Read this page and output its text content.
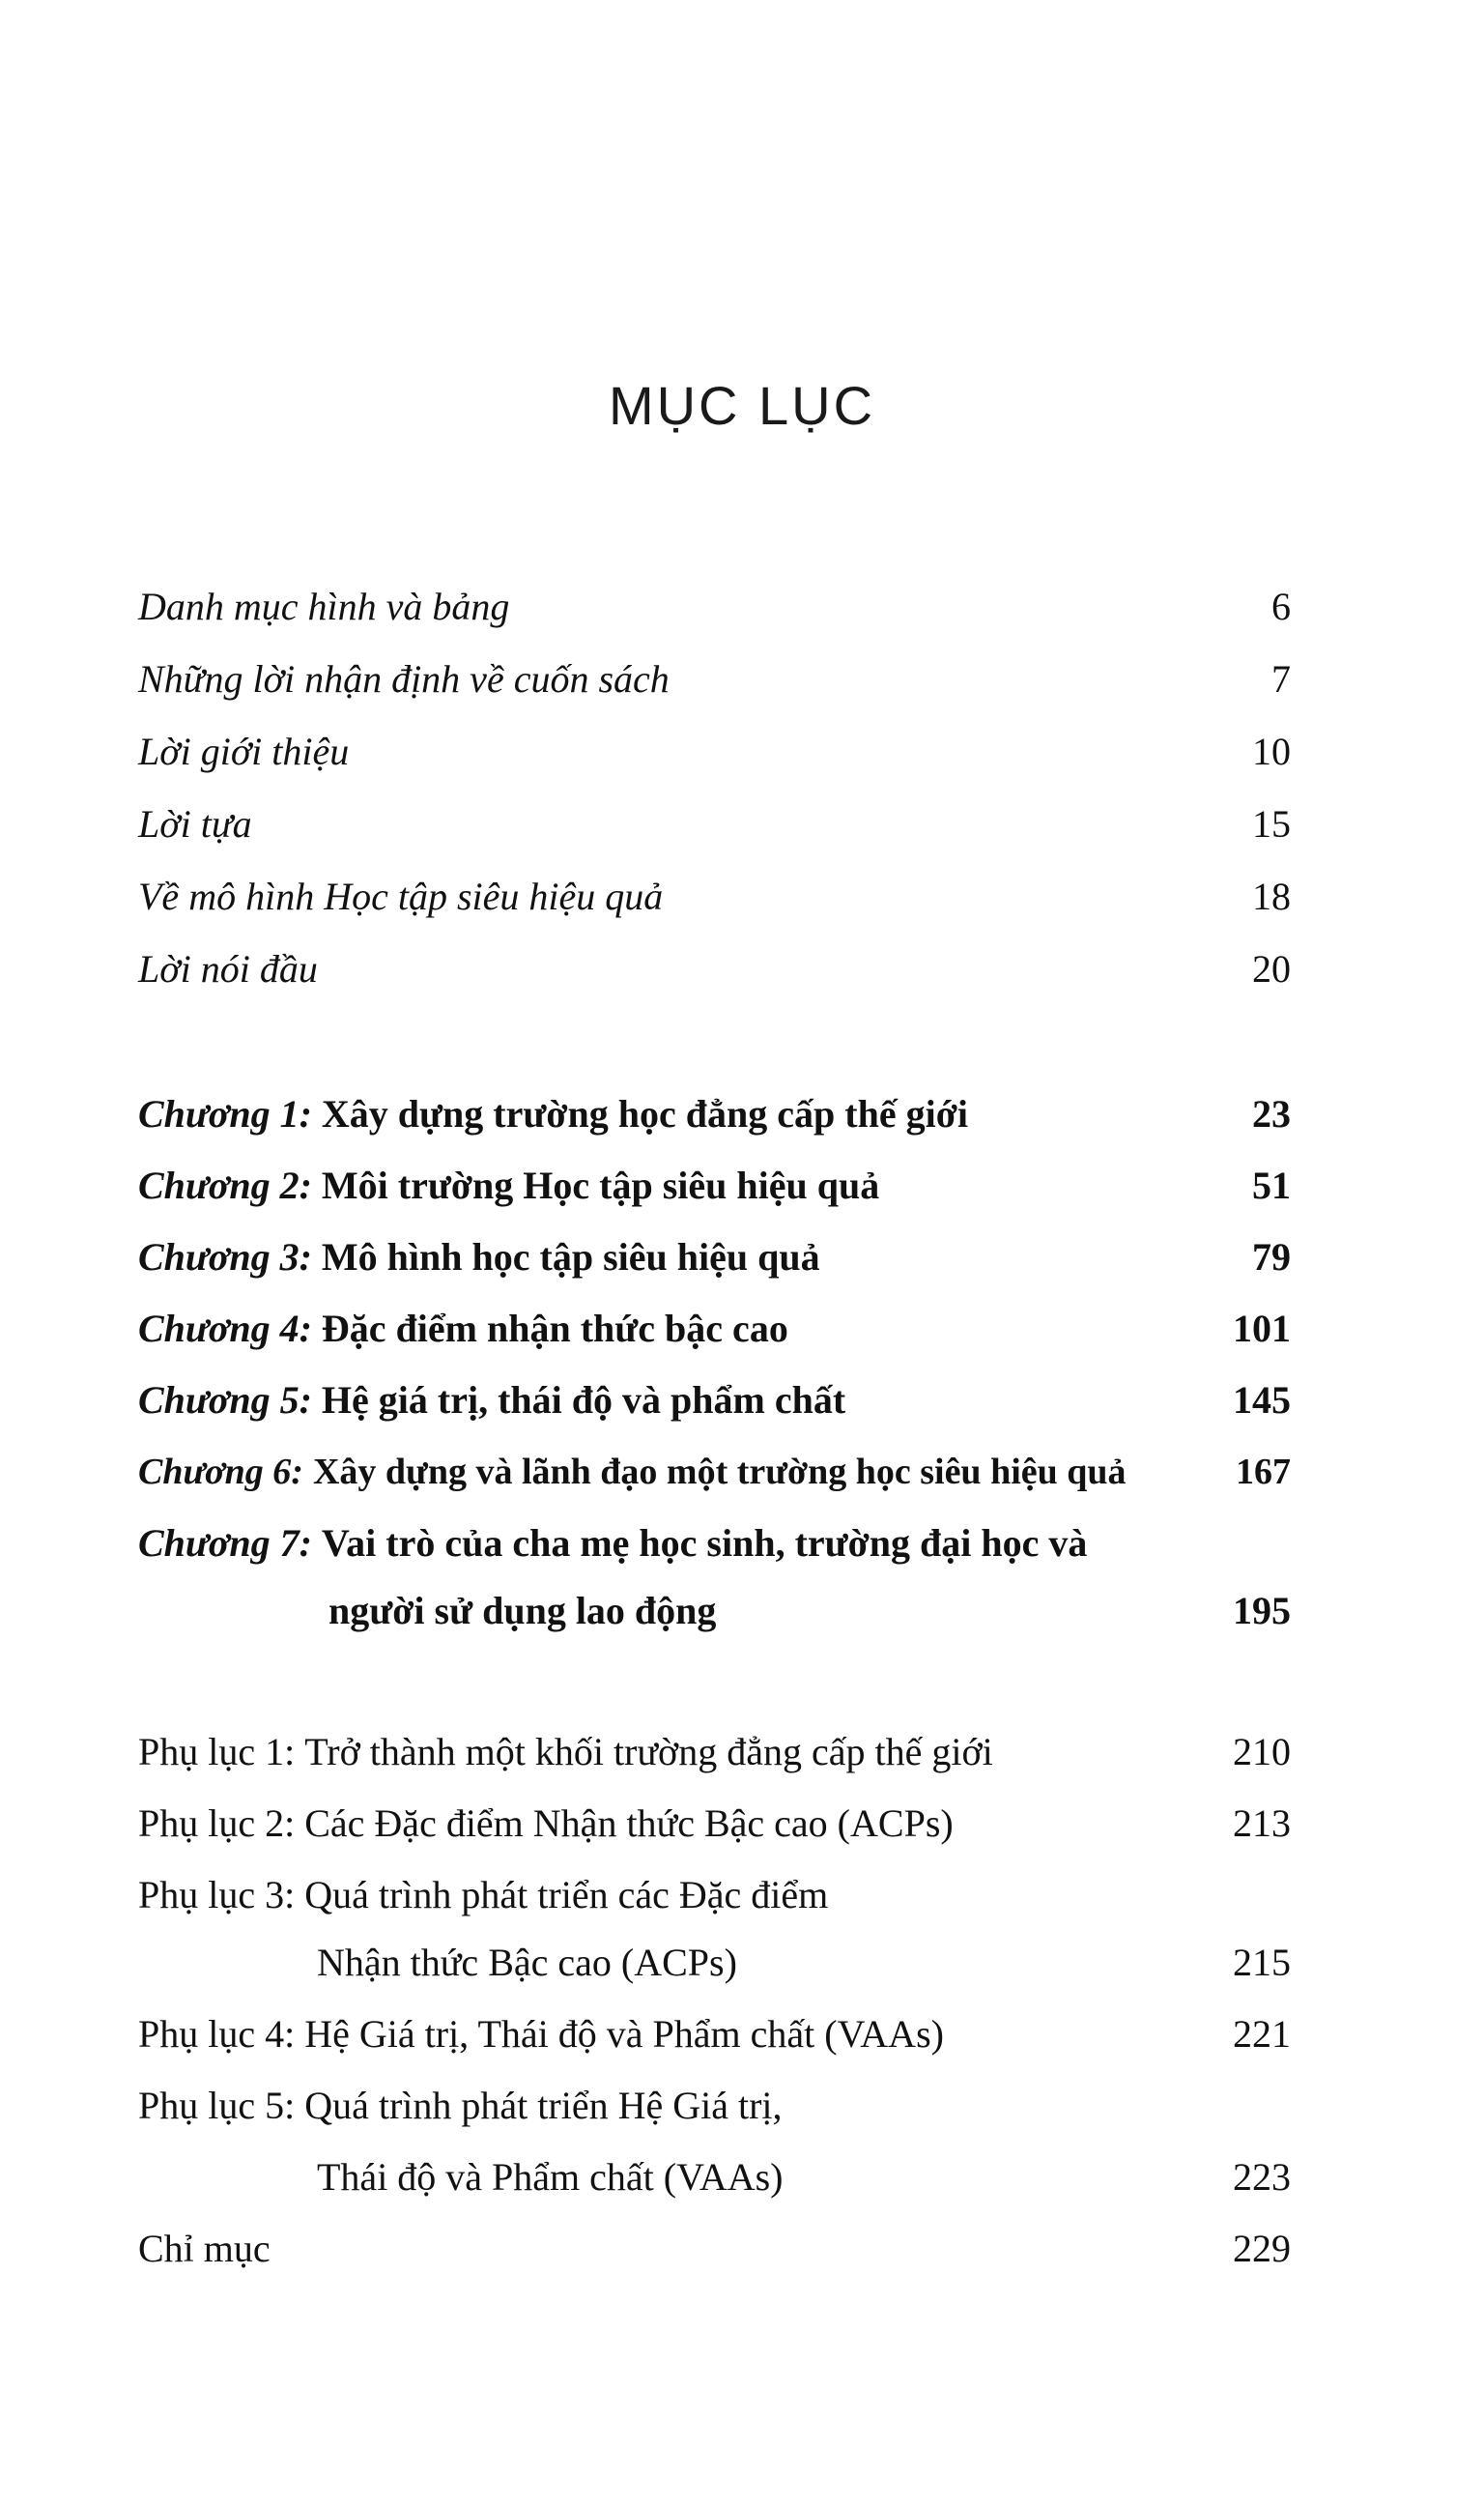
MỤC LỤC
Danh mục hình và bảng	6
Những lời nhận định về cuốn sách	7
Lời giới thiệu	10
Lời tựa	15
Về mô hình Học tập siêu hiệu quả	18
Lời nói đầu	20
Chương 1: Xây dựng trường học đẳng cấp thế giới	23
Chương 2: Môi trường Học tập siêu hiệu quả	51
Chương 3: Mô hình học tập siêu hiệu quả	79
Chương 4: Đặc điểm nhận thức bậc cao	101
Chương 5: Hệ giá trị, thái độ và phẩm chất	145
Chương 6: Xây dựng và lãnh đạo một trường học siêu hiệu quả	167
Chương 7: Vai trò của cha mẹ học sinh, trường đại học và
người sử dụng lao động	195
Phụ lục 1: Trở thành một khối trường đẳng cấp thế giới	210
Phụ lục 2: Các Đặc điểm Nhận thức Bậc cao (ACPs)	213
Phụ lục 3: Quá trình phát triển các Đặc điểm
Nhận thức Bậc cao (ACPs)	215
Phụ lục 4: Hệ Giá trị, Thái độ và Phẩm chất (VAAs)	221
Phụ lục 5: Quá trình phát triển Hệ Giá trị,
Thái độ và Phẩm chất (VAAs)	223
Chỉ mục	229
